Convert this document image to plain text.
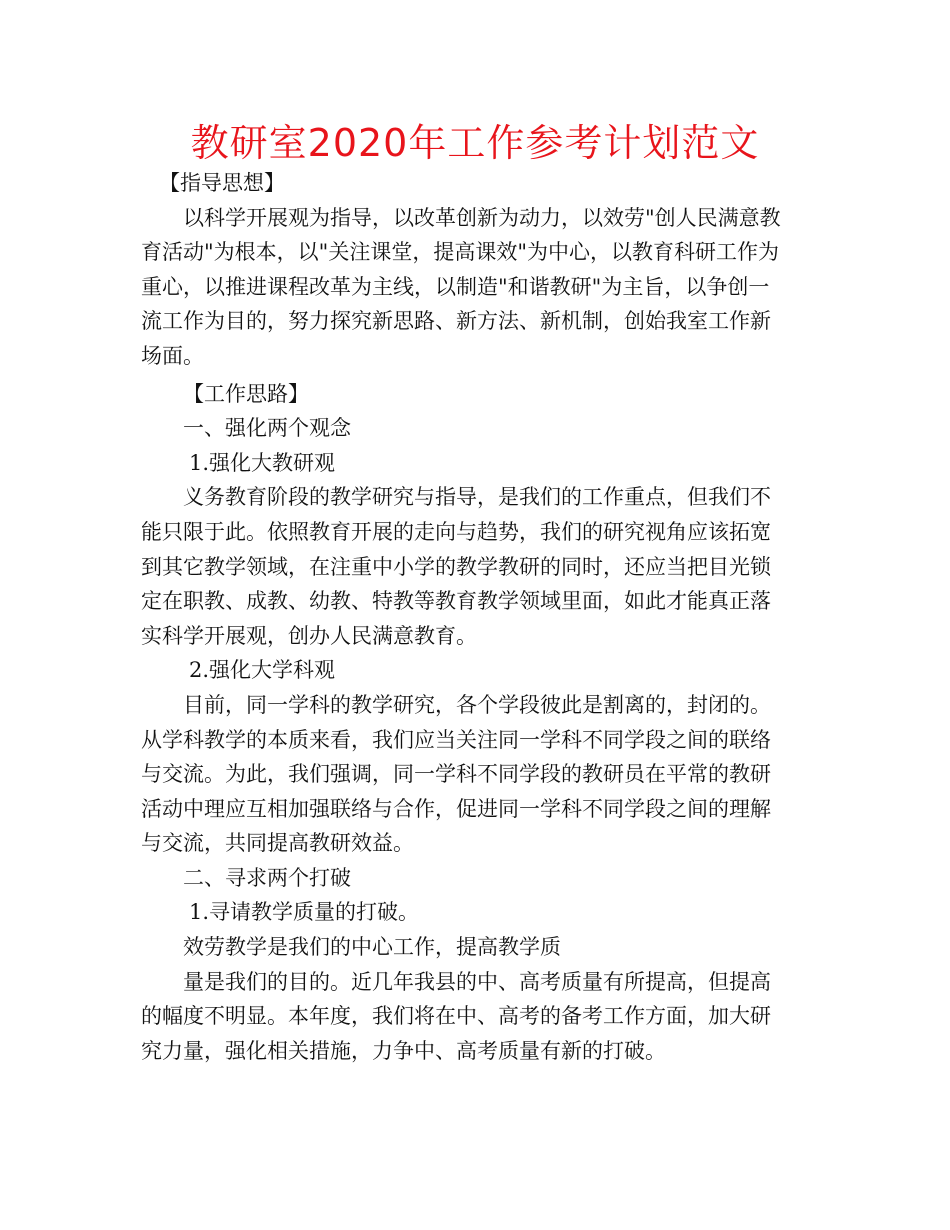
教研室2020年工作参考计划范文
【指导思想】
以科学开展观为指导，以改革创新为动力，以效劳"创人民满意教
育活动"为根本，以"关注课堂，提高课效"为中心，以教育科研工作为
重心，以推进课程改革为主线，以制造"和谐教研"为主旨，以争创一
流工作为目的，努力探究新思路、新方法、新机制，创始我室工作新
场面。
【工作思路】
一、强化两个观念
1.强化大教研观
义务教育阶段的教学研究与指导，是我们的工作重点，但我们不
能只限于此。依照教育开展的走向与趋势，我们的研究视角应该拓宽
到其它教学领域，在注重中小学的教学教研的同时，还应当把目光锁
定在职教、成教、幼教、特教等教育教学领域里面，如此才能真正落
实科学开展观，创办人民满意教育。
2.强化大学科观
目前，同一学科的教学研究，各个学段彼此是割离的，封闭的。
从学科教学的本质来看，我们应当关注同一学科不同学段之间的联络
与交流。为此，我们强调，同一学科不同学段的教研员在平常的教研
活动中理应互相加强联络与合作，促进同一学科不同学段之间的理解
与交流，共同提高教研效益。
二、寻求两个打破
1.寻请教学质量的打破。
效劳教学是我们的中心工作，提高教学质
量是我们的目的。近几年我县的中、高考质量有所提高，但提高
的幅度不明显。本年度，我们将在中、高考的备考工作方面，加大研
究力量，强化相关措施，力争中、高考质量有新的打破。
